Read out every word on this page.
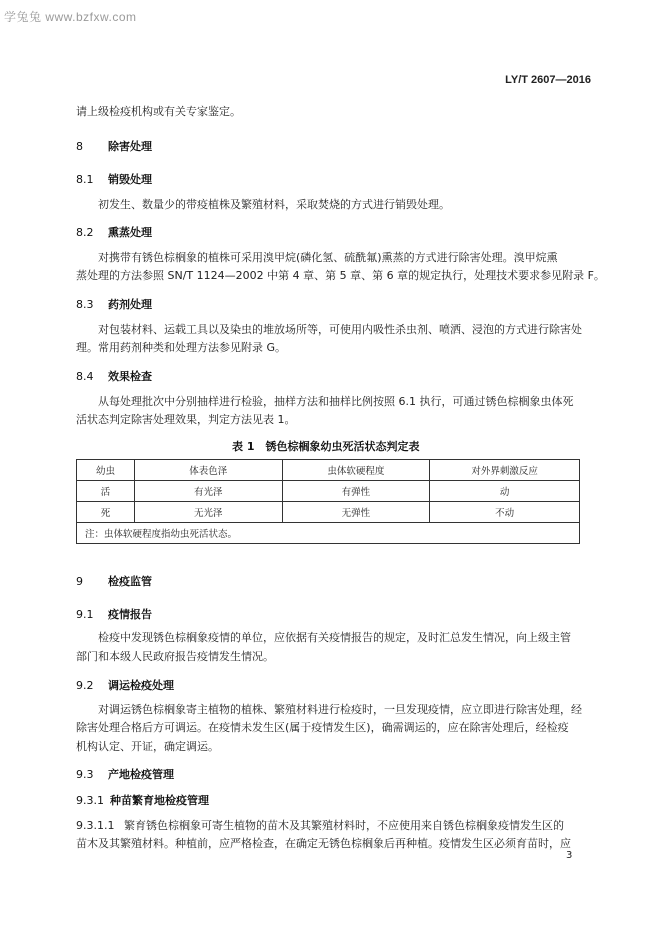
学兔兔 www.bzfxw.com
LY/T 2607—2016
请上级检疫机构或有关专家鉴定。
8 除害处理
8.1 销毁处理
初发生、数量少的带疫植株及繁殖材料，采取焚烧的方式进行销毁处理。
8.2 熏蒸处理
对携带有锈色棕榈象的植株可采用溴甲烷(磷化氢、硫酰氟)熏蒸的方式进行除害处理。溴甲烷熏
蒸处理的方法参照 SN/T 1124—2002 中第 4 章、第 5 章、第 6 章的规定执行，处理技术要求参见附录 F。
8.3 药剂处理
对包装材料、运载工具以及染虫的堆放场所等，可使用内吸性杀虫剂、喷洒、浸泡的方式进行除害处
理。常用药剂种类和处理方法参见附录 G。
8.4 效果检查
从每处理批次中分别抽样进行检验，抽样方法和抽样比例按照 6.1 执行，可通过锈色棕榈象虫体死
活状态判定除害处理效果，判定方法见表 1。
表 1　锈色棕榈象幼虫死活状态判定表
幼虫	体表色泽	虫体软硬程度	对外界刺激反应
活	有光泽	有弹性	动
死	无光泽	无弹性	不动
注：虫体软硬程度指幼虫死活状态。			
9 检疫监管
9.1 疫情报告
检疫中发现锈色棕榈象疫情的单位，应依据有关疫情报告的规定，及时汇总发生情况，向上级主管
部门和本级人民政府报告疫情发生情况。
9.2 调运检疫处理
对调运锈色棕榈象寄主植物的植株、繁殖材料进行检疫时，一旦发现疫情，应立即进行除害处理，经
除害处理合格后方可调运。在疫情未发生区(属于疫情发生区)，确需调运的，应在除害处理后，经检疫
机构认定、开证，确定调运。
9.3 产地检疫管理
9.3.1 种苗繁育地检疫管理
9.3.1.1 繁育锈色棕榈象可寄生植物的苗木及其繁殖材料时，不应使用来自锈色棕榈象疫情发生区的
苗木及其繁殖材料。种植前，应严格检查，在确定无锈色棕榈象后再种植。疫情发生区必须育苗时，应
3
